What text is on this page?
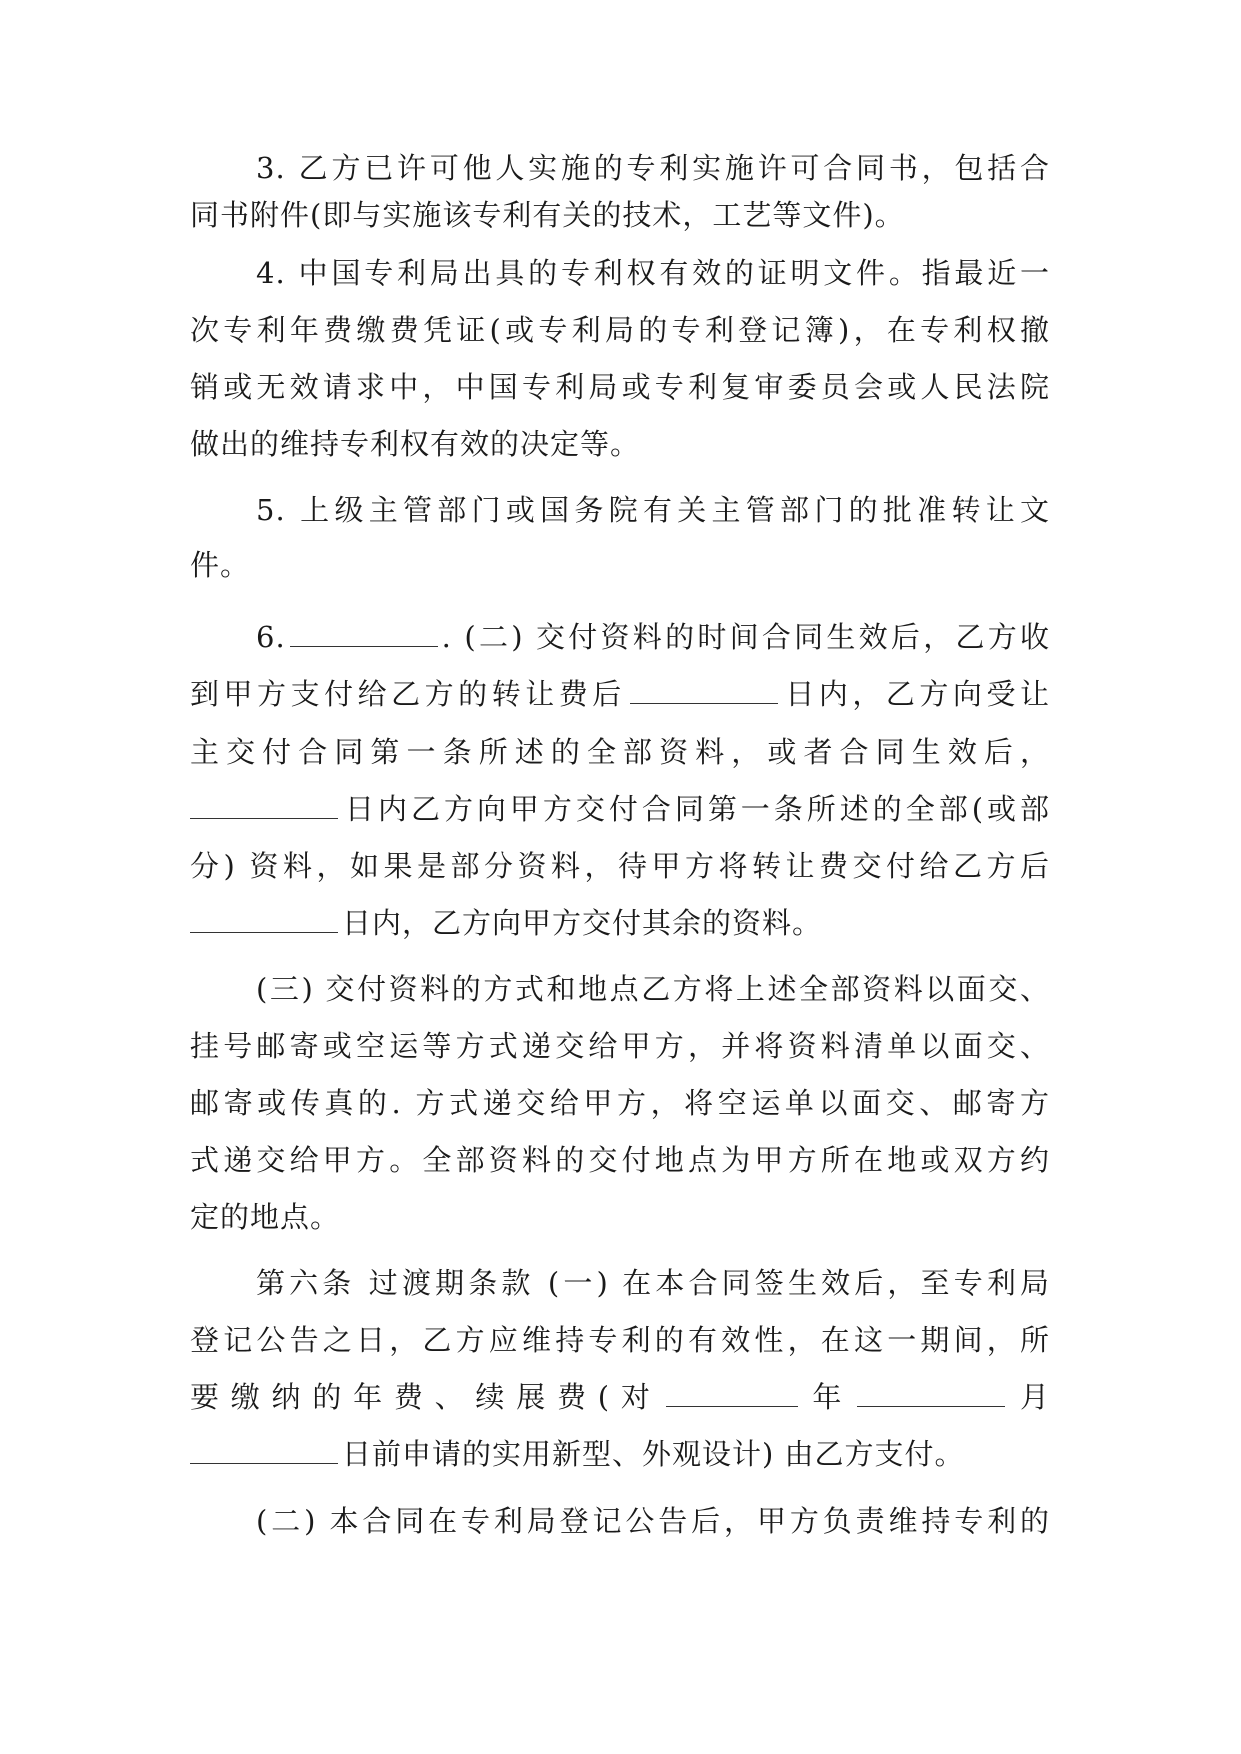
3. 乙方已许可他人实施的专利实施许可合同书，包括合
同书附件(即与实施该专利有关的技术，工艺等文件)。
4. 中国专利局出具的专利权有效的证明文件。指最近一
次专利年费缴费凭证(或专利局的专利登记簿)，在专利权撤
销或无效请求中，中国专利局或专利复审委员会或人民法院
做出的维持专利权有效的决定等。
5. 上级主管部门或国务院有关主管部门的批准转让文
件。
6.	. (二) 交付资料的时间合同生效后，乙方收
到甲方支付给乙方的转让费后	日内，乙方向受让
主交付合同第一条所述的全部资料，或者合同生效后，
日内乙方向甲方交付合同第一条所述的全部(或部
分) 资料，如果是部分资料，待甲方将转让费交付给乙方后
日内，乙方向甲方交付其余的资料。
(三) 交付资料的方式和地点乙方将上述全部资料以面交、
挂号邮寄或空运等方式递交给甲方，并将资料清单以面交、
邮寄或传真的. 方式递交给甲方，将空运单以面交、邮寄方
式递交给甲方。全部资料的交付地点为甲方所在地或双方约
定的地点。
第六条 过渡期条款 (一) 在本合同签生效后，至专利局
登记公告之日，乙方应维持专利的有效性，在这一期间，所
要缴纳的年费、续展费(对	年	月
日前申请的实用新型、外观设计) 由乙方支付。
(二) 本合同在专利局登记公告后，甲方负责维持专利的
